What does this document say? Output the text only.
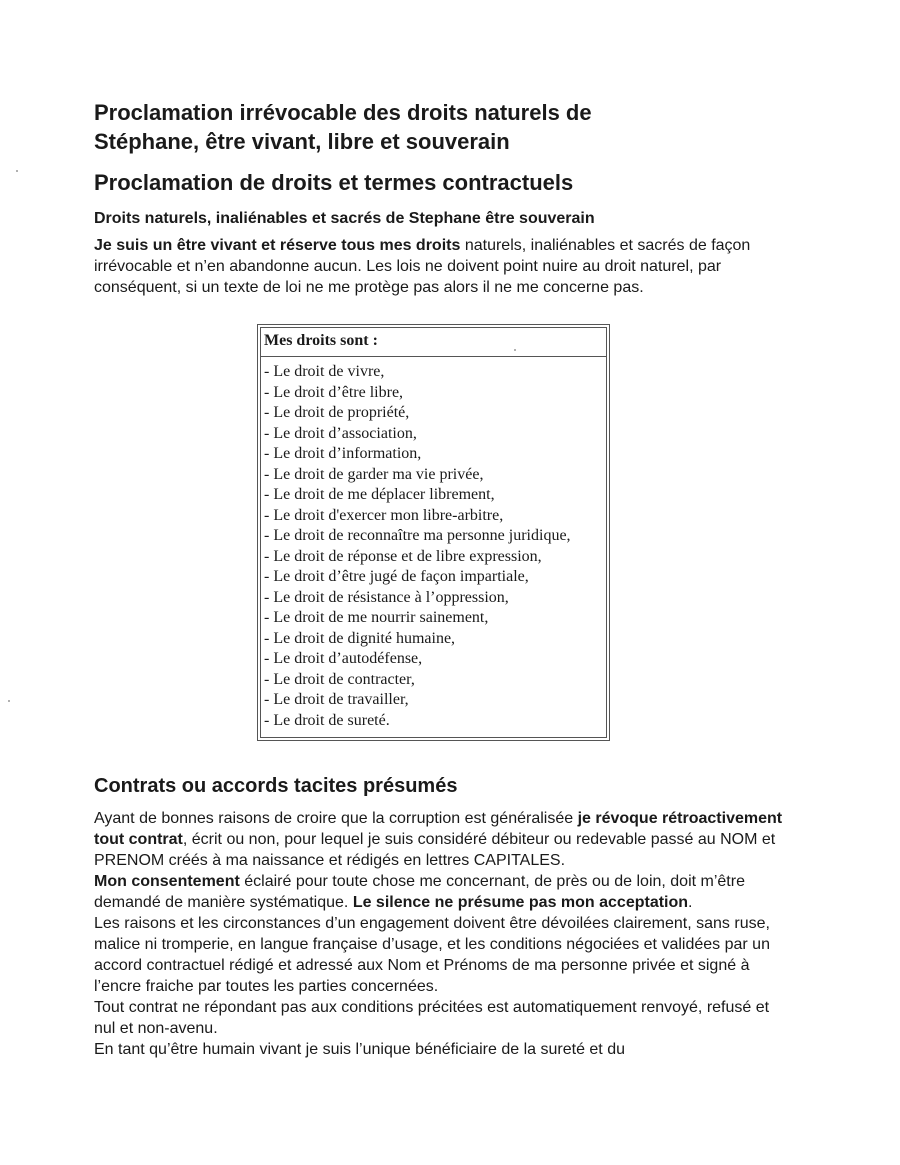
Proclamation irrévocable des droits naturels de
Stéphane, être vivant, libre et souverain
Proclamation de droits et termes contractuels
Droits naturels, inaliénables et sacrés de Stephane être souverain
Je suis un être vivant et réserve tous mes droits naturels, inaliénables et sacrés de façon irrévocable et n’en abandonne aucun. Les lois ne doivent point nuire au droit naturel, par conséquent, si un texte de loi ne me protège pas alors il ne me concerne pas.
Mes droits sont :
- Le droit de vivre,
- Le droit d’être libre,
- Le droit de propriété,
- Le droit d’association,
- Le droit d’information,
- Le droit de garder ma vie privée,
- Le droit de me déplacer librement,
- Le droit d'exercer mon libre-arbitre,
- Le droit de reconnaître ma personne juridique,
- Le droit de réponse et de libre expression,
- Le droit d’être jugé de façon impartiale,
- Le droit de résistance à l’oppression,
- Le droit de me nourrir sainement,
- Le droit de dignité humaine,
- Le droit d’autodéfense,
- Le droit de contracter,
- Le droit de travailler,
- Le droit de sureté.
Contrats ou accords tacites présumés

Ayant de bonnes raisons de croire que la corruption est généralisée je révoque rétroactivement tout contrat, écrit ou non, pour lequel je suis considéré débiteur ou redevable passé au NOM et PRENOM créés à ma naissance et rédigés en lettres CAPITALES.

Mon consentement éclairé pour toute chose me concernant, de près ou de loin, doit m’être demandé de manière systématique. Le silence ne présume pas mon acceptation.

Les raisons et les circonstances d’un engagement doivent être dévoilées clairement, sans ruse, malice ni tromperie, en langue française d’usage, et les conditions négociées et validées par un accord contractuel rédigé et adressé aux Nom et Prénoms de ma personne privée et signé à l’encre fraiche par toutes les parties concernées.

Tout contrat ne répondant pas aux conditions précitées est automatiquement renvoyé, refusé et nul et non-avenu.

En tant qu’être humain vivant je suis l’unique bénéficiaire de la sureté et du
